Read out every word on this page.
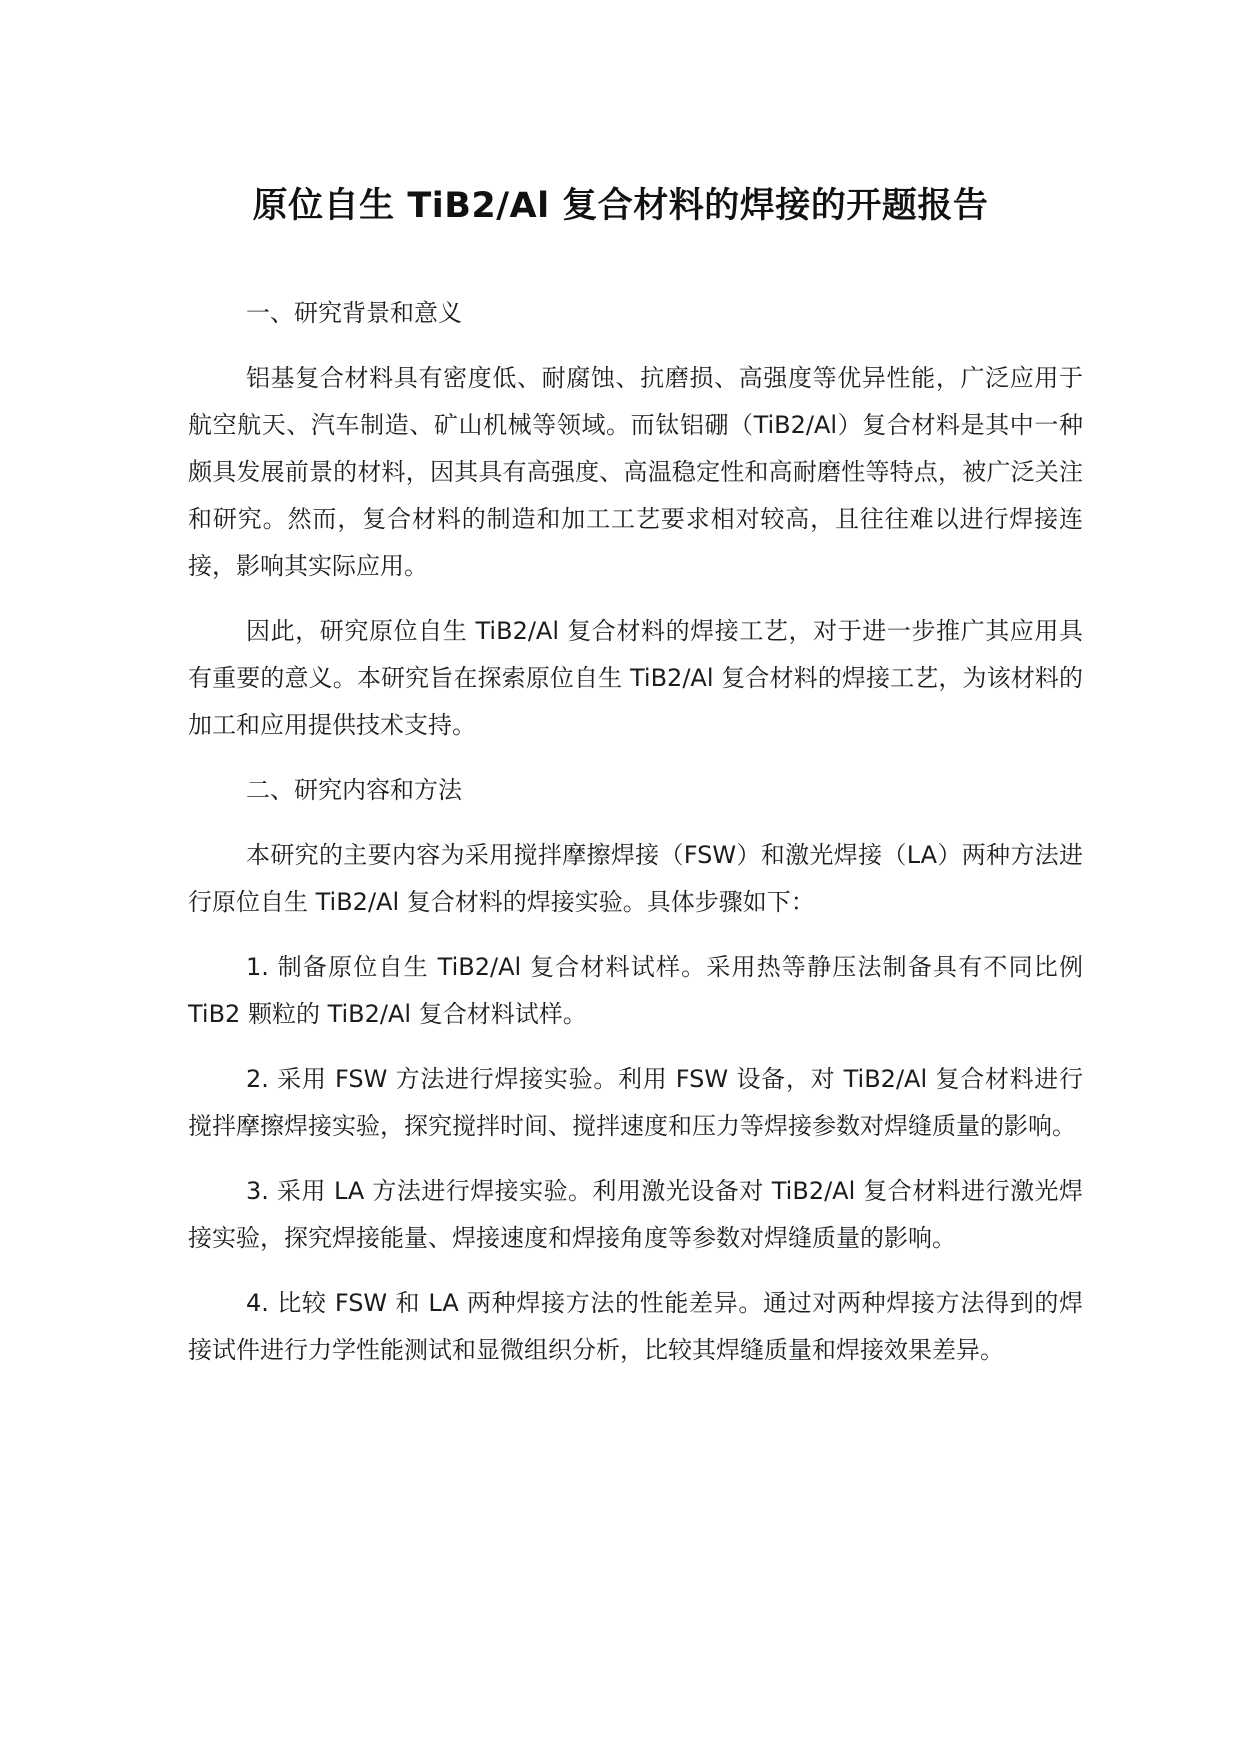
原位自生 TiB2/Al 复合材料的焊接的开题报告

一、研究背景和意义

铝基复合材料具有密度低、耐腐蚀、抗磨损、高强度等优异性能，广泛应用于航空航天、汽车制造、矿山机械等领域。而钛铝硼（TiB2/Al）复合材料是其中一种颇具发展前景的材料，因其具有高强度、高温稳定性和高耐磨性等特点，被广泛关注和研究。然而，复合材料的制造和加工工艺要求相对较高，且往往难以进行焊接连接，影响其实际应用。

因此，研究原位自生 TiB2/Al 复合材料的焊接工艺，对于进一步推广其应用具有重要的意义。本研究旨在探索原位自生 TiB2/Al 复合材料的焊接工艺，为该材料的加工和应用提供技术支持。

二、研究内容和方法

本研究的主要内容为采用搅拌摩擦焊接（FSW）和激光焊接（LA）两种方法进行原位自生 TiB2/Al 复合材料的焊接实验。具体步骤如下：

1. 制备原位自生 TiB2/Al 复合材料试样。采用热等静压法制备具有不同比例 TiB2 颗粒的 TiB2/Al 复合材料试样。

2. 采用 FSW 方法进行焊接实验。利用 FSW 设备，对 TiB2/Al 复合材料进行搅拌摩擦焊接实验，探究搅拌时间、搅拌速度和压力等焊接参数对焊缝质量的影响。

3. 采用 LA 方法进行焊接实验。利用激光设备对 TiB2/Al 复合材料进行激光焊接实验，探究焊接能量、焊接速度和焊接角度等参数对焊缝质量的影响。

4. 比较 FSW 和 LA 两种焊接方法的性能差异。通过对两种焊接方法得到的焊接试件进行力学性能测试和显微组织分析，比较其焊缝质量和焊接效果差异。
